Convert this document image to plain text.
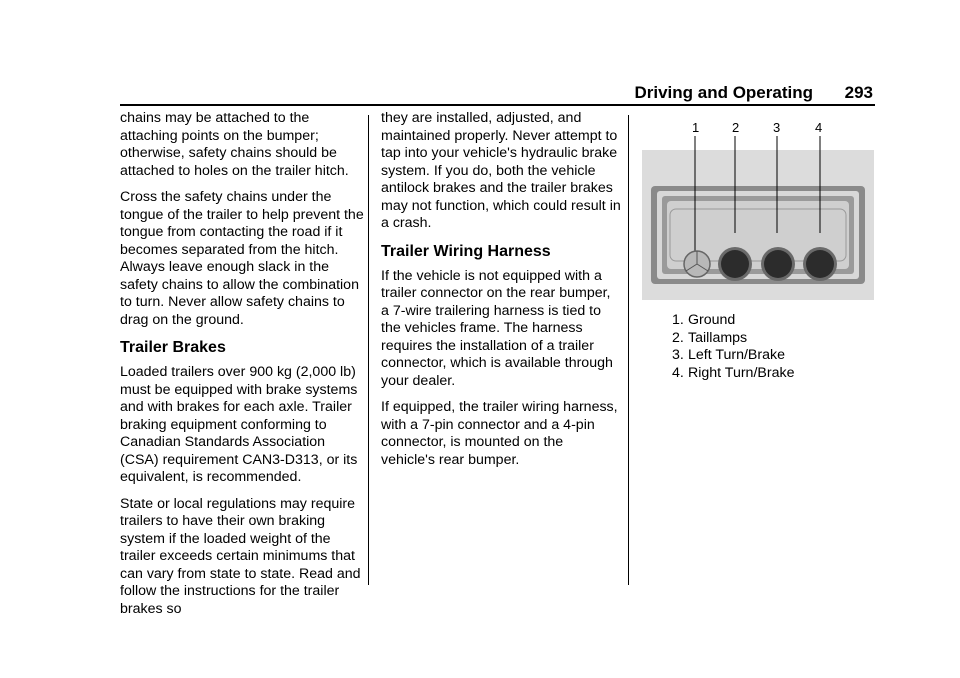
Driving and Operating 293

chains may be attached to the attaching points on the bumper; otherwise, safety chains should be attached to holes on the trailer hitch.

Cross the safety chains under the tongue of the trailer to help prevent the tongue from contacting the road if it becomes separated from the hitch. Always leave enough slack in the safety chains to allow the combination to turn. Never allow safety chains to drag on the ground.

Trailer Brakes

Loaded trailers over 900 kg (2,000 lb) must be equipped with brake systems and with brakes for each axle. Trailer braking equipment conforming to Canadian Standards Association (CSA) requirement CAN3-D313, or its equivalent, is recommended.

State or local regulations may require trailers to have their own braking system if the loaded weight of the trailer exceeds certain minimums that can vary from state to state. Read and follow the instructions for the trailer brakes so

they are installed, adjusted, and maintained properly. Never attempt to tap into your vehicle's hydraulic brake system. If you do, both the vehicle antilock brakes and the trailer brakes may not function, which could result in a crash.

Trailer Wiring Harness

If the vehicle is not equipped with a trailer connector on the rear bumper, a 7-wire trailering harness is tied to the vehicles frame. The harness requires the installation of a trailer connector, which is available through your dealer.

If equipped, the trailer wiring harness, with a 7-pin connector and a 4-pin connector, is mounted on the vehicle's rear bumper.

1	2	3	4
1. Ground
2. Taillamps
3. Left Turn/Brake
4. Right Turn/Brake
